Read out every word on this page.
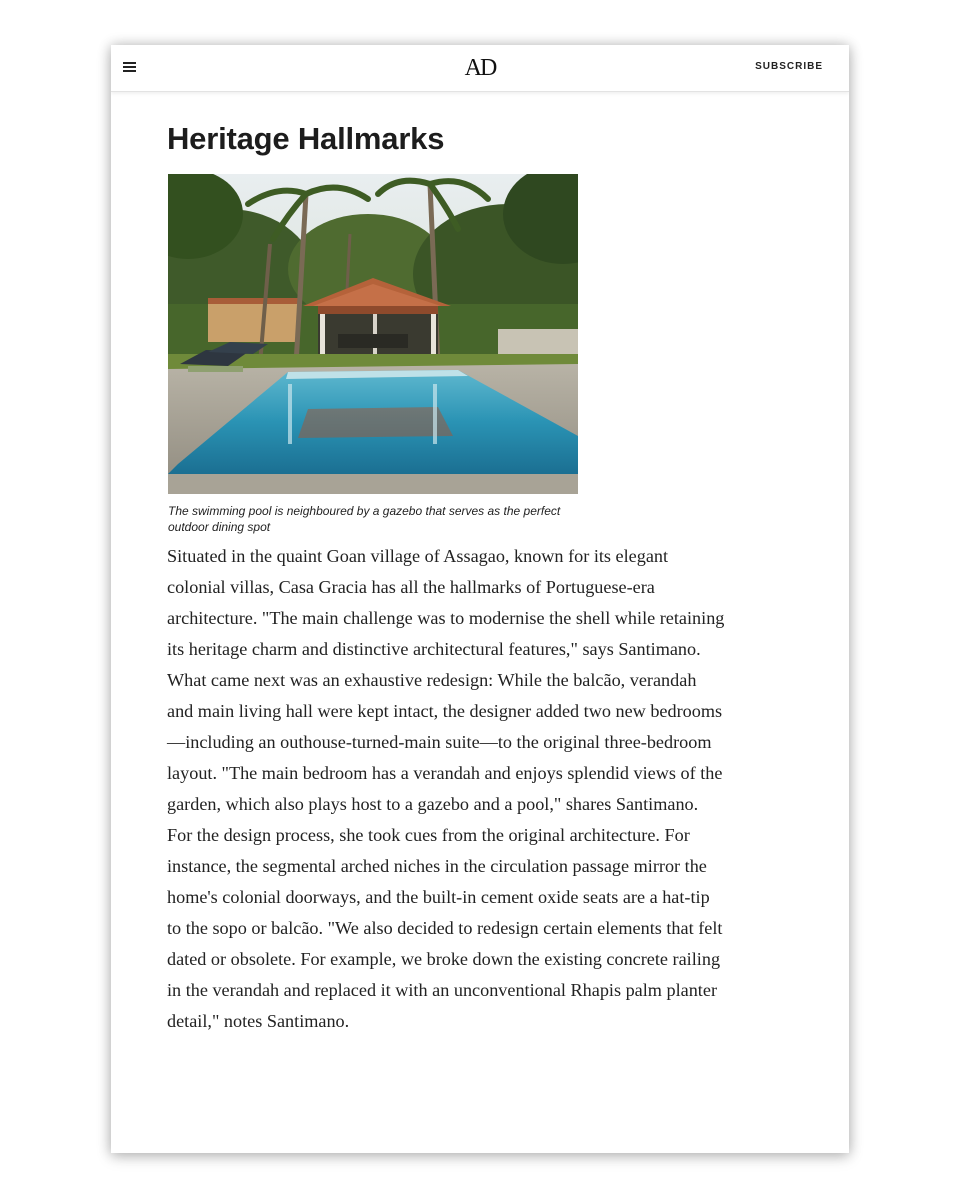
AD	SUBSCRIBE
Heritage Hallmarks
The swimming pool is neighboured by a gazebo that serves as the perfect outdoor dining spot

Situated in the quaint Goan village of Assagao, known for its elegant colonial villas, Casa Gracia has all the hallmarks of Portuguese-era architecture. "The main challenge was to modernise the shell while retaining its heritage charm and distinctive architectural features," says Santimano. What came next was an exhaustive redesign: While the balcão, verandah and main living hall were kept intact, the designer added two new bedrooms—including an outhouse-turned-main suite—to the original three-bedroom layout. "The main bedroom has a verandah and enjoys splendid views of the garden, which also plays host to a gazebo and a pool," shares Santimano. For the design process, she took cues from the original architecture. For instance, the segmental arched niches in the circulation passage mirror the home's colonial doorways, and the built-in cement oxide seats are a hat-tip to the sopo or balcão. "We also decided to redesign certain elements that felt dated or obsolete. For example, we broke down the existing concrete railing in the verandah and replaced it with an unconventional Rhapis palm planter detail," notes Santimano.
